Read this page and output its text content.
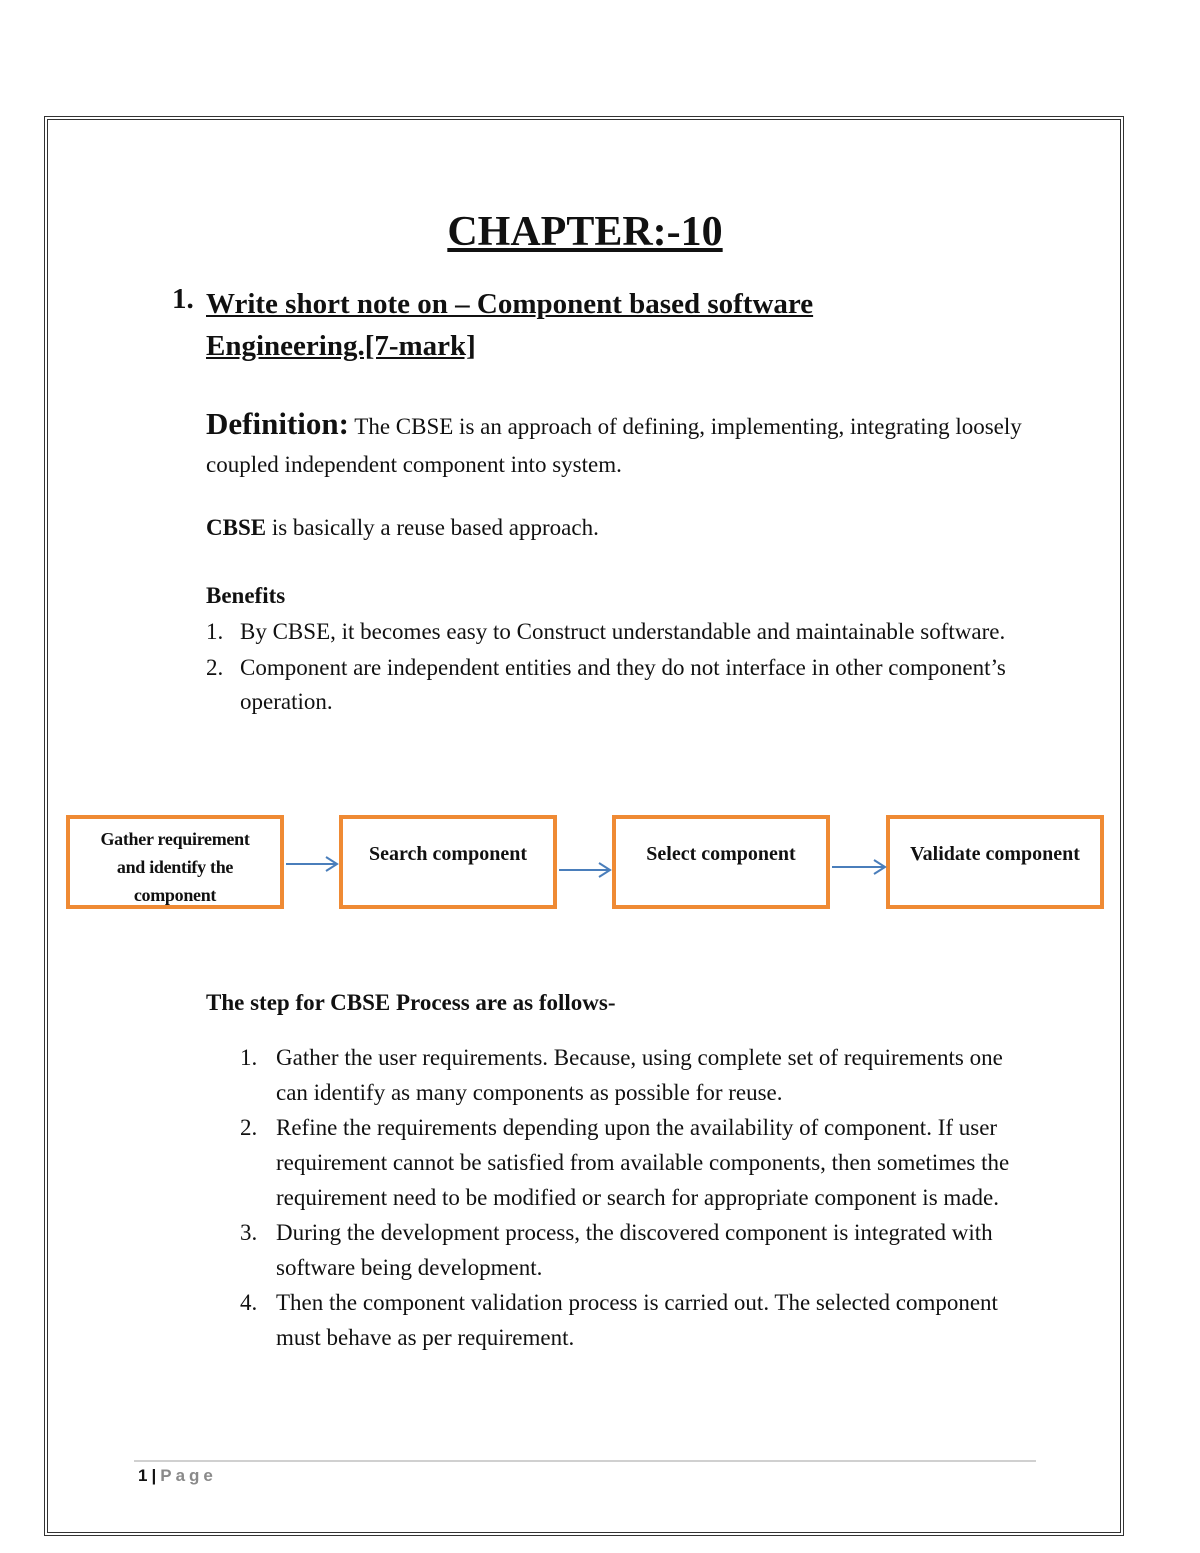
CHAPTER:-10
1. Write short note on – Component based software Engineering.[7-mark]
Definition: The CBSE is an approach of defining, implementing, integrating loosely coupled independent component into system.
CBSE is basically a reuse based approach.
Benefits
1. By CBSE, it becomes easy to Construct understandable and maintainable software.
2. Component are independent entities and they do not interface in other component’s operation.
Gather requirement
and identify the
component
Search component	Select component	Validate component
The step for CBSE Process are as follows-
1. Gather the user requirements. Because, using complete set of requirements one can identify as many components as possible for reuse.
2. Refine the requirements depending upon the availability of component. If user requirement cannot be satisfied from available components, then sometimes the requirement need to be modified or search for appropriate component is made.
3. During the development process, the discovered component is integrated with software being development.
4. Then the component validation process is carried out. The selected component must behave as per requirement.
1 | Page
